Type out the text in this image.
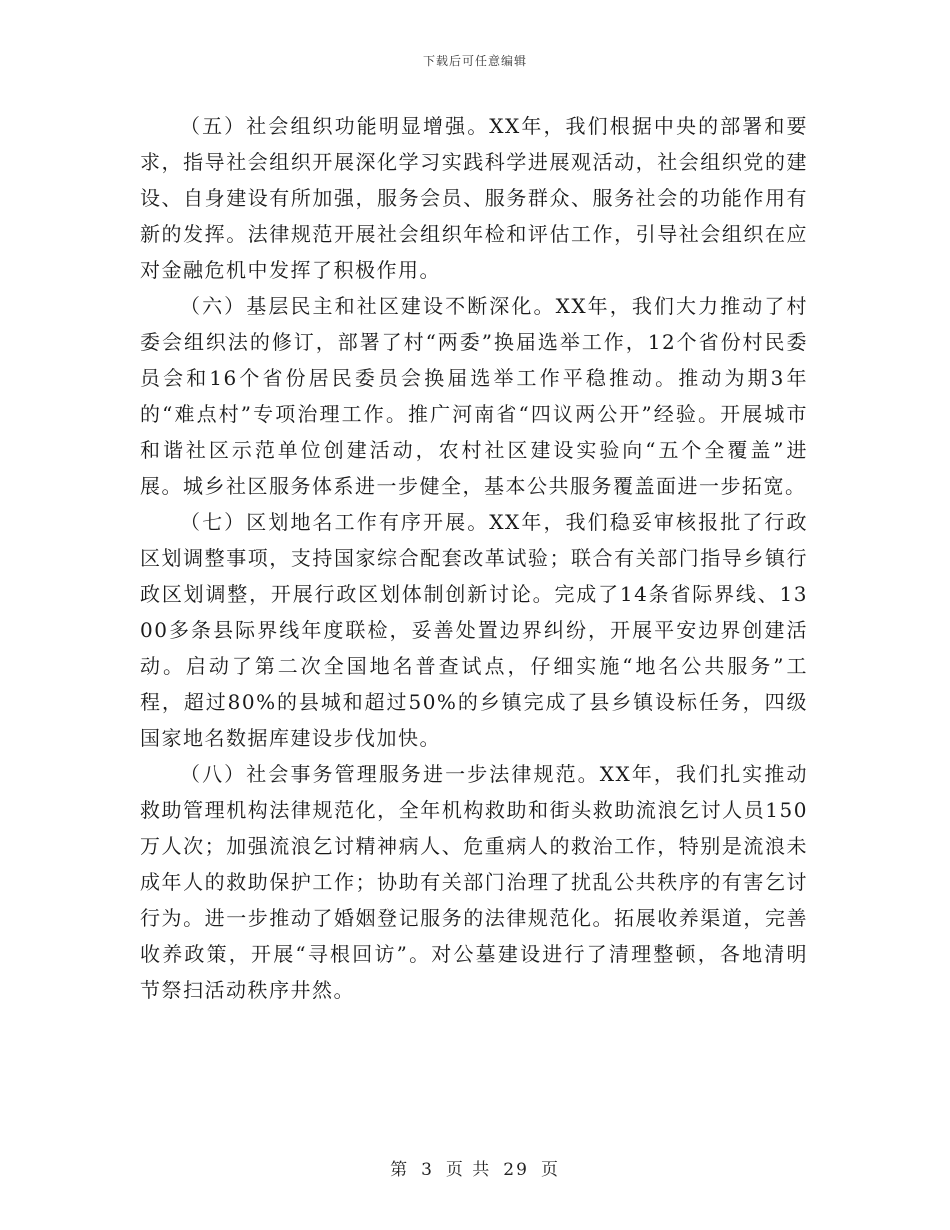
下载后可任意编辑

（五）社会组织功能明显增强。XX年，我们根据中央的部署和要求，指导社会组织开展深化学习实践科学进展观活动，社会组织党的建设、自身建设有所加强，服务会员、服务群众、服务社会的功能作用有新的发挥。法律规范开展社会组织年检和评估工作，引导社会组织在应对金融危机中发挥了积极作用。

（六）基层民主和社区建设不断深化。XX年，我们大力推动了村委会组织法的修订，部署了村“两委”换届选举工作，12个省份村民委员会和16个省份居民委员会换届选举工作平稳推动。推动为期3年的“难点村”专项治理工作。推广河南省“四议两公开”经验。开展城市和谐社区示范单位创建活动，农村社区建设实验向“五个全覆盖”进展。城乡社区服务体系进一步健全，基本公共服务覆盖面进一步拓宽。

（七）区划地名工作有序开展。XX年，我们稳妥审核报批了行政区划调整事项，支持国家综合配套改革试验；联合有关部门指导乡镇行政区划调整，开展行政区划体制创新讨论。完成了14条省际界线、1300多条县际界线年度联检，妥善处置边界纠纷，开展平安边界创建活动。启动了第二次全国地名普查试点，仔细实施“地名公共服务”工程，超过80%的县城和超过50%的乡镇完成了县乡镇设标任务，四级国家地名数据库建设步伐加快。

（八）社会事务管理服务进一步法律规范。XX年，我们扎实推动救助管理机构法律规范化，全年机构救助和街头救助流浪乞讨人员150万人次；加强流浪乞讨精神病人、危重病人的救治工作，特别是流浪未成年人的救助保护工作；协助有关部门治理了扰乱公共秩序的有害乞讨行为。进一步推动了婚姻登记服务的法律规范化。拓展收养渠道，完善收养政策，开展“寻根回访”。对公墓建设进行了清理整顿，各地清明节祭扫活动秩序井然。

第 3 页 共 29 页
